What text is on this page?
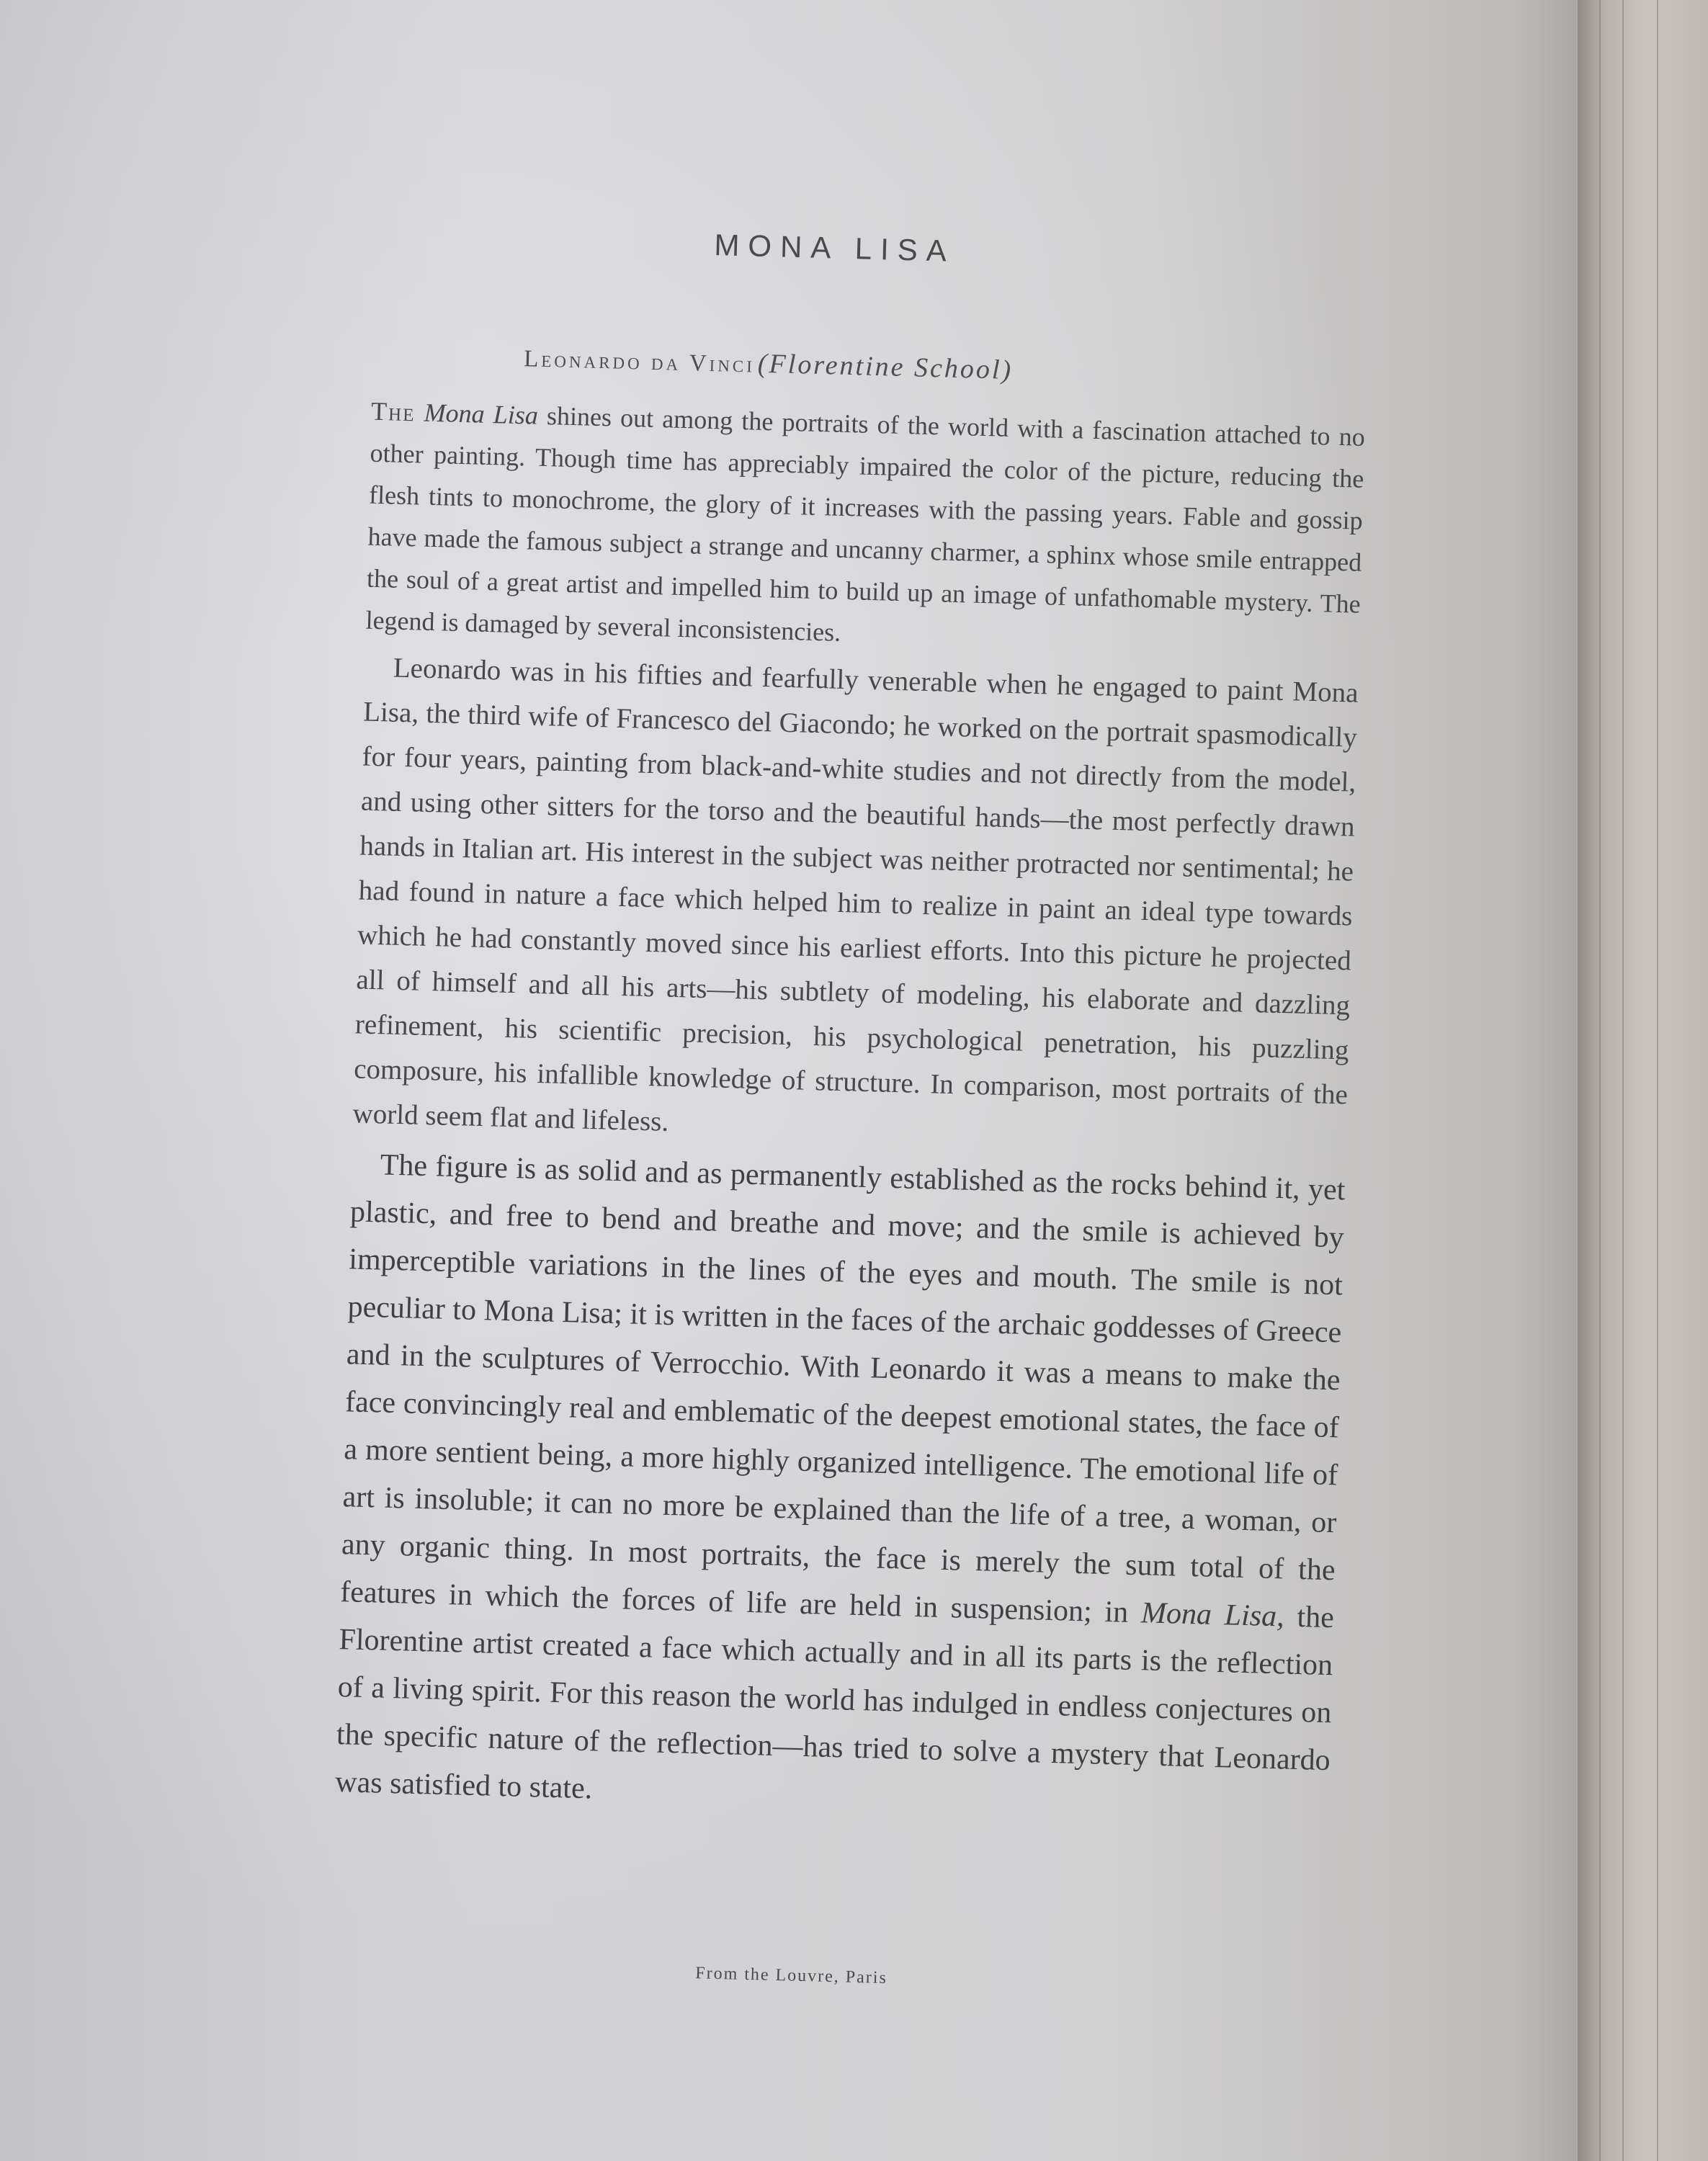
MONA LISA
Leonardo da Vinci (Florentine School)

The Mona Lisa shines out among the portraits of the world with a fascination attached to no other painting. Though time has appreciably impaired the color of the picture, reducing the flesh tints to monochrome, the glory of it increases with the passing years. Fable and gossip have made the famous subject a strange and uncanny charmer, a sphinx whose smile entrapped the soul of a great artist and impelled him to build up an image of unfathomable mystery. The legend is damaged by several inconsistencies.

Leonardo was in his fifties and fearfully venerable when he engaged to paint Mona Lisa, the third wife of Francesco del Giacondo; he worked on the portrait spasmodically for four years, painting from black-and-white studies and not directly from the model, and using other sitters for the torso and the beautiful hands—the most perfectly drawn hands in Italian art. His interest in the subject was neither protracted nor sentimental; he had found in nature a face which helped him to realize in paint an ideal type towards which he had constantly moved since his earliest efforts. Into this picture he projected all of himself and all his arts—his subtlety of modeling, his elaborate and dazzling refinement, his scientific precision, his psychological penetration, his puzzling composure, his infallible knowledge of structure. In comparison, most portraits of the world seem flat and lifeless.

The figure is as solid and as permanently established as the rocks behind it, yet plastic, and free to bend and breathe and move; and the smile is achieved by imperceptible variations in the lines of the eyes and mouth. The smile is not peculiar to Mona Lisa; it is written in the faces of the archaic goddesses of Greece and in the sculptures of Verrocchio. With Leonardo it was a means to make the face convincingly real and emblematic of the deepest emotional states, the face of a more sentient being, a more highly organized intelligence. The emotional life of art is insoluble; it can no more be explained than the life of a tree, a woman, or any organic thing. In most portraits, the face is merely the sum total of the features in which the forces of life are held in suspension; in Mona Lisa, the Florentine artist created a face which actually and in all its parts is the reflection of a living spirit. For this reason the world has indulged in endless conjectures on the specific nature of the reflection—has tried to solve a mystery that Leonardo was satisfied to state.

From the Louvre, Paris
